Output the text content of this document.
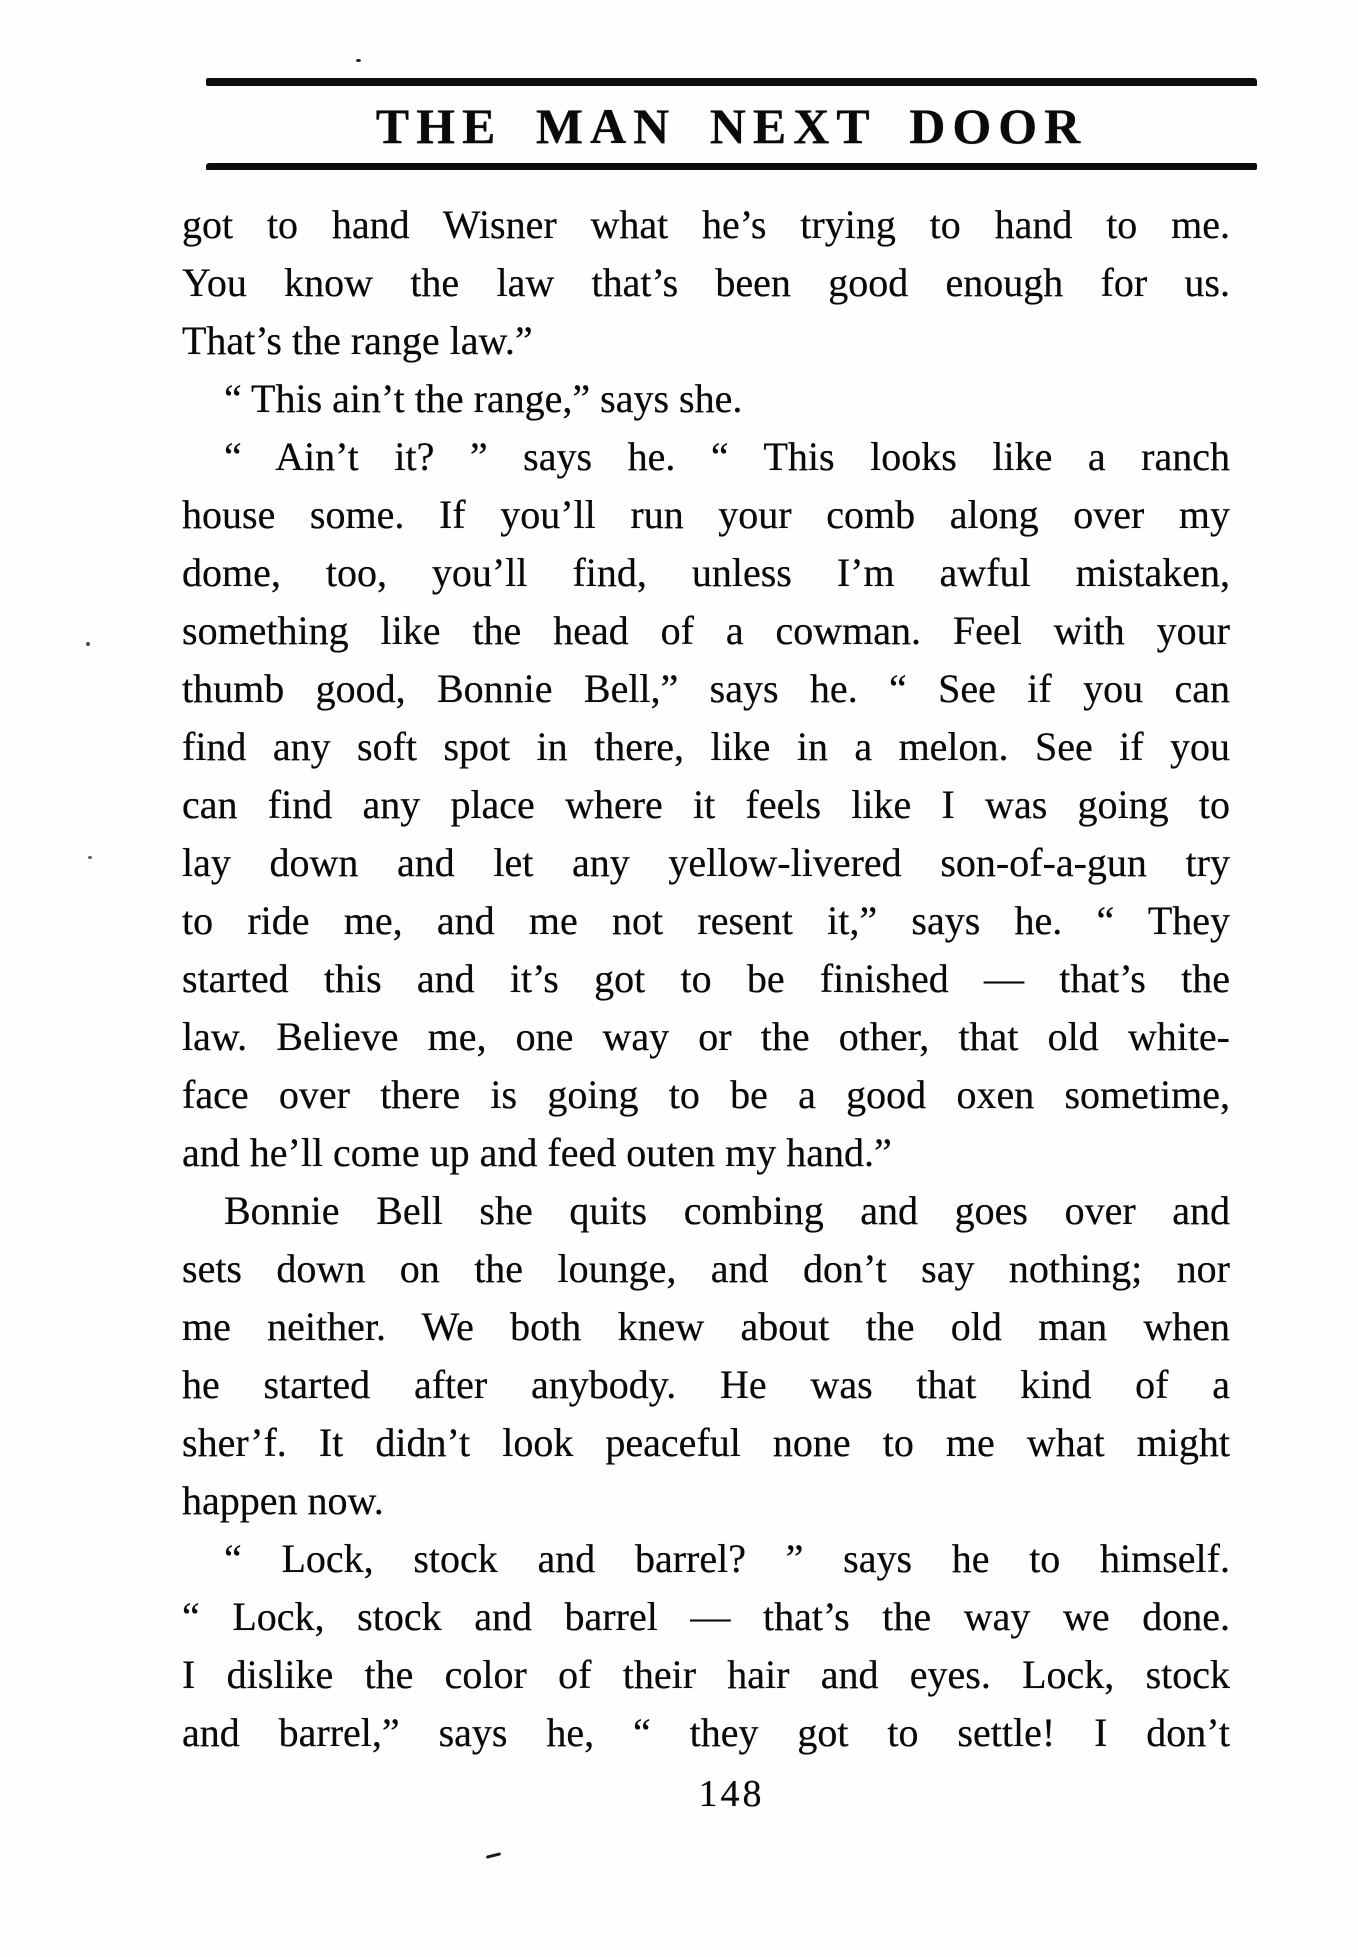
THE MAN NEXT DOOR
got to hand Wisner what he’s trying to hand to me.
You know the law that’s been good enough for us.
That’s the range law.”
“ This ain’t the range,” says she.
“ Ain’t it? ” says he. “ This looks like a ranch
house some. If you’ll run your comb along over my
dome, too, you’ll find, unless I’m awful mistaken,
something like the head of a cowman. Feel with your
thumb good, Bonnie Bell,” says he. “ See if you can
find any soft spot in there, like in a melon. See if you
can find any place where it feels like I was going to
lay down and let any yellow-livered son-of-a-gun try
to ride me, and me not resent it,” says he. “ They
started this and it’s got to be finished — that’s the
law. Believe me, one way or the other, that old white-
face over there is going to be a good oxen sometime,
and he’ll come up and feed outen my hand.”
Bonnie Bell she quits combing and goes over and
sets down on the lounge, and don’t say nothing; nor
me neither. We both knew about the old man when
he started after anybody. He was that kind of a
sher’f. It didn’t look peaceful none to me what might
happen now.
“ Lock, stock and barrel? ” says he to himself.
“ Lock, stock and barrel — that’s the way we done.
I dislike the color of their hair and eyes. Lock, stock
and barrel,” says he, “ they got to settle! I don’t
148
